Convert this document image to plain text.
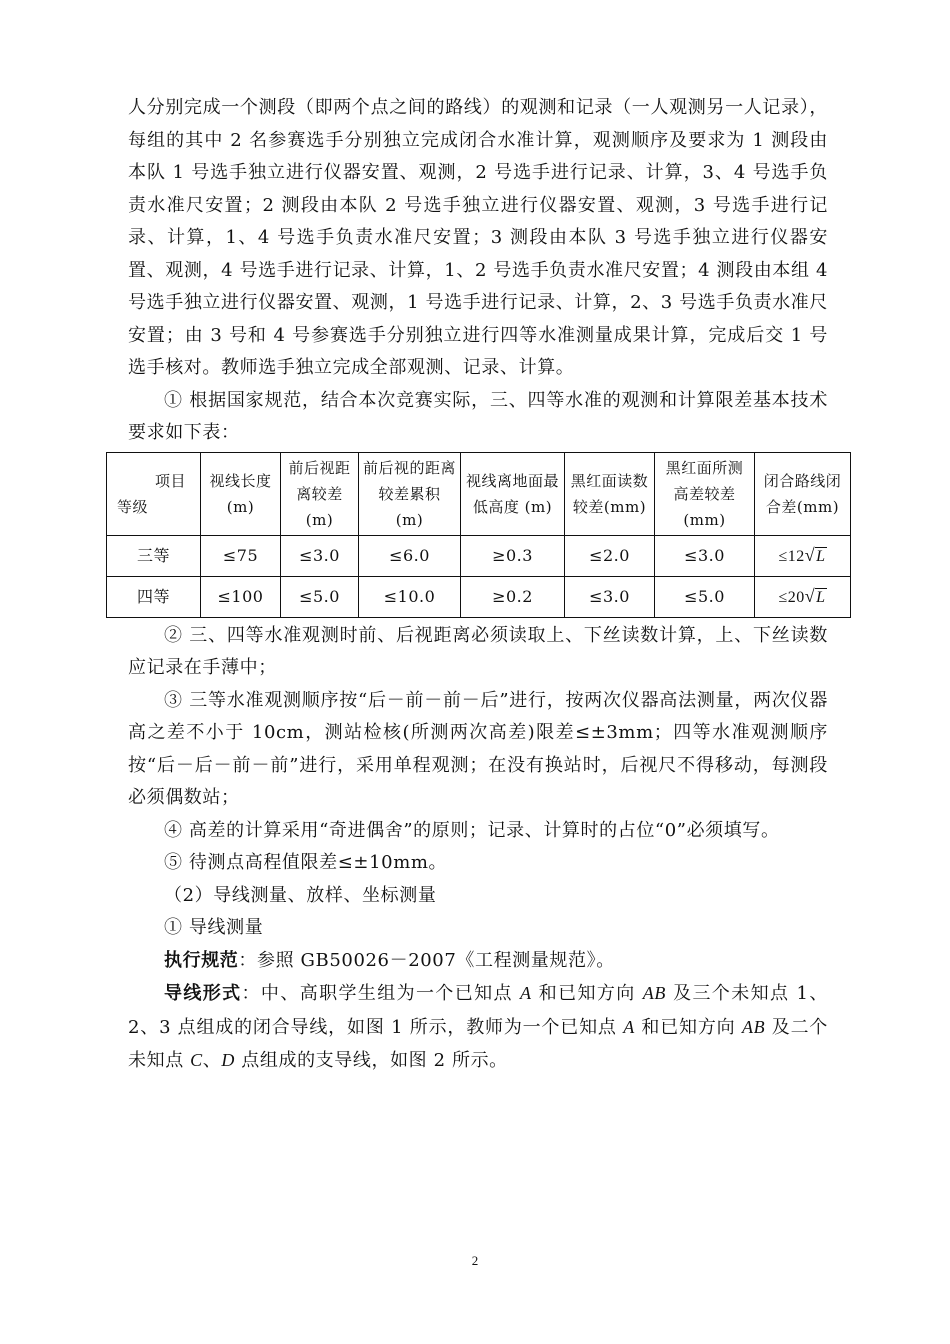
人分别完成一个测段（即两个点之间的路线）的观测和记录（一人观测另一人记录），每组的其中 2 名参赛选手分别独立完成闭合水准计算，观测顺序及要求为 1 测段由本队 1 号选手独立进行仪器安置、观测，2 号选手进行记录、计算，3、4 号选手负责水准尺安置；2 测段由本队 2 号选手独立进行仪器安置、观测，3 号选手进行记录、计算，1、4 号选手负责水准尺安置；3 测段由本队 3 号选手独立进行仪器安置、观测，4 号选手进行记录、计算，1、2 号选手负责水准尺安置；4 测段由本组 4 号选手独立进行仪器安置、观测，1 号选手进行记录、计算，2、3 号选手负责水准尺安置；由 3 号和 4 号参赛选手分别独立进行四等水准测量成果计算，完成后交 1 号选手核对。教师选手独立完成全部观测、记录、计算。

① 根据国家规范，结合本次竞赛实际，三、四等水准的观测和计算限差基本技术要求如下表：

项目
等级	视线长度(m)	前后视距离较差(m)	前后视的距离较差累积 (m)	视线离地面最低高度 (m)	黑红面读数较差(mm)	黑红面所测高差较差(mm)	闭合路线闭合差(mm)
三等	≤75	≤3.0	≤6.0	≥0.3	≤2.0	≤3.0	≤12√L
四等	≤100	≤5.0	≤10.0	≥0.2	≤3.0	≤5.0	≤20√L

② 三、四等水准观测时前、后视距离必须读取上、下丝读数计算，上、下丝读数应记录在手薄中；

③ 三等水准观测顺序按“后－前－前－后”进行，按两次仪器高法测量，两次仪器高之差不小于 10cm，测站检核(所测两次高差)限差≤±3mm；四等水准观测顺序按“后－后－前－前”进行，采用单程观测；在没有换站时，后视尺不得移动，每测段必须偶数站；

④ 高差的计算采用“奇进偶舍”的原则；记录、计算时的占位“0”必须填写。

⑤ 待测点高程值限差≤±10mm。

（2）导线测量、放样、坐标测量

① 导线测量

执行规范：参照 GB50026－2007《工程测量规范》。

导线形式：中、高职学生组为一个已知点 A 和已知方向 AB 及三个未知点 1、2、3 点组成的闭合导线，如图 1 所示，教师为一个已知点 A 和已知方向 AB 及二个未知点 C、D 点组成的支导线，如图 2 所示。

2
